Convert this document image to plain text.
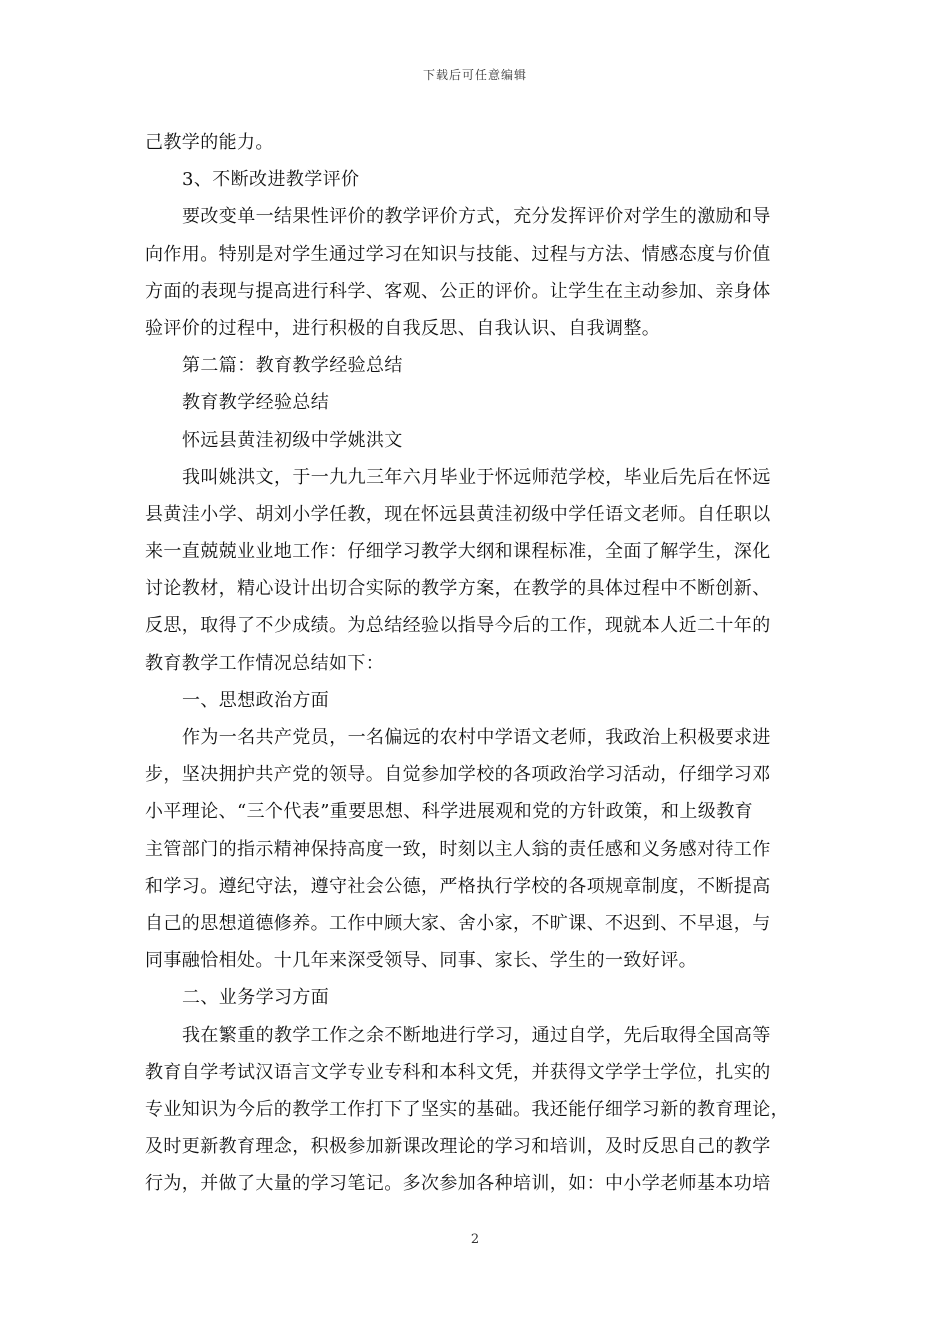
下载后可任意编辑
己教学的能力。
3、不断改进教学评价
要改变单一结果性评价的教学评价方式，充分发挥评价对学生的激励和导
向作用。特别是对学生通过学习在知识与技能、过程与方法、情感态度与价值
方面的表现与提高进行科学、客观、公正的评价。让学生在主动参加、亲身体
验评价的过程中，进行积极的自我反思、自我认识、自我调整。
第二篇：教育教学经验总结
教育教学经验总结
怀远县黄洼初级中学姚洪文
我叫姚洪文，于一九九三年六月毕业于怀远师范学校，毕业后先后在怀远
县黄洼小学、胡刘小学任教，现在怀远县黄洼初级中学任语文老师。自任职以
来一直兢兢业业地工作：仔细学习教学大纲和课程标准，全面了解学生，深化
讨论教材，精心设计出切合实际的教学方案，在教学的具体过程中不断创新、
反思，取得了不少成绩。为总结经验以指导今后的工作，现就本人近二十年的
教育教学工作情况总结如下：
一、思想政治方面
作为一名共产党员，一名偏远的农村中学语文老师，我政治上积极要求进
步，坚决拥护共产党的领导。自觉参加学校的各项政治学习活动，仔细学习邓
小平理论、“三个代表”重要思想、科学进展观和党的方针政策，和上级教育
主管部门的指示精神保持高度一致，时刻以主人翁的责任感和义务感对待工作
和学习。遵纪守法，遵守社会公德，严格执行学校的各项规章制度，不断提高
自己的思想道德修养。工作中顾大家、舍小家，不旷课、不迟到、不早退，与
同事融恰相处。十几年来深受领导、同事、家长、学生的一致好评。
二、业务学习方面
我在繁重的教学工作之余不断地进行学习，通过自学，先后取得全国高等
教育自学考试汉语言文学专业专科和本科文凭，并获得文学学士学位，扎实的
专业知识为今后的教学工作打下了坚实的基础。我还能仔细学习新的教育理论，
及时更新教育理念，积极参加新课改理论的学习和培训，及时反思自己的教学
行为，并做了大量的学习笔记。多次参加各种培训，如：中小学老师基本功培
2
